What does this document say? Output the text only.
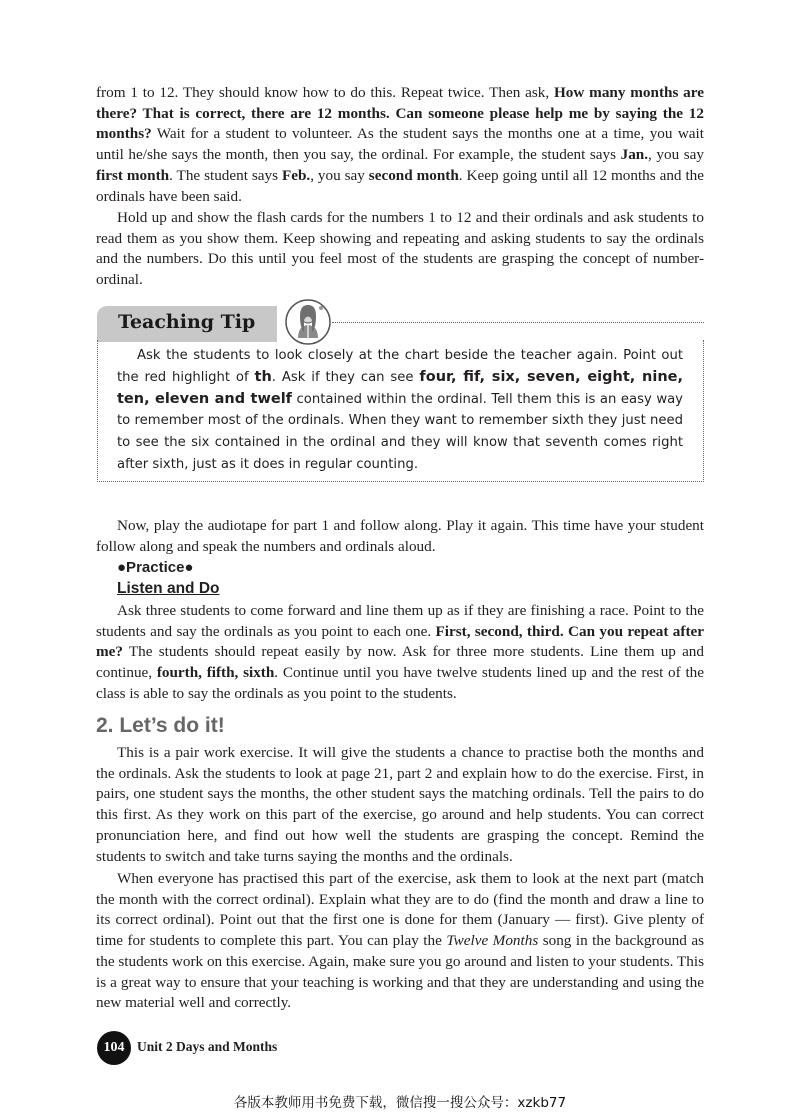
from 1 to 12. They should know how to do this. Repeat twice. Then ask, How many months are there? That is correct, there are 12 months. Can someone please help me by saying the 12 months? Wait for a student to volunteer. As the student says the months one at a time, you wait until he/she says the month, then you say, the ordinal. For example, the student says Jan., you say first month. The student says Feb., you say second month. Keep going until all 12 months and the ordinals have been said.

Hold up and show the flash cards for the numbers 1 to 12 and their ordinals and ask students to read them as you show them. Keep showing and repeating and asking students to say the ordinals and the numbers. Do this until you feel most of the students are grasping the concept of number-ordinal.

Teaching Tip

Ask the students to look closely at the chart beside the teacher again. Point out the red highlight of th. Ask if they can see four, fif, six, seven, eight, nine, ten, eleven and twelf contained within the ordinal. Tell them this is an easy way to remember most of the ordinals. When they want to remember sixth they just need to see the six contained in the ordinal and they will know that seventh comes right after sixth, just as it does in regular counting.

Now, play the audiotape for part 1 and follow along. Play it again. This time have your student follow along and speak the numbers and ordinals aloud.

●Practice●
Listen and Do

Ask three students to come forward and line them up as if they are finishing a race. Point to the students and say the ordinals as you point to each one. First, second, third. Can you repeat after me? The students should repeat easily by now. Ask for three more students. Line them up and continue, fourth, fifth, sixth. Continue until you have twelve students lined up and the rest of the class is able to say the ordinals as you point to the students.

2. Let’s do it!

This is a pair work exercise. It will give the students a chance to practise both the months and the ordinals. Ask the students to look at page 21, part 2 and explain how to do the exercise. First, in pairs, one student says the months, the other student says the matching ordinals. Tell the pairs to do this first. As they work on this part of the exercise, go around and help students. You can correct pronunciation here, and find out how well the students are grasping the concept. Remind the students to switch and take turns saying the months and the ordinals.

When everyone has practised this part of the exercise, ask them to look at the next part (match the month with the correct ordinal). Explain what they are to do (find the month and draw a line to its correct ordinal). Point out that the first one is done for them (January — first). Give plenty of time for students to complete this part. You can play the Twelve Months song in the background as the students work on this exercise. Again, make sure you go around and listen to your students. This is a great way to ensure that your teaching is working and that they are understanding and using the new material well and correctly.

104 Unit 2 Days and Months
各版本教师用书免费下载，微信搜一搜公众号：xzkb77
